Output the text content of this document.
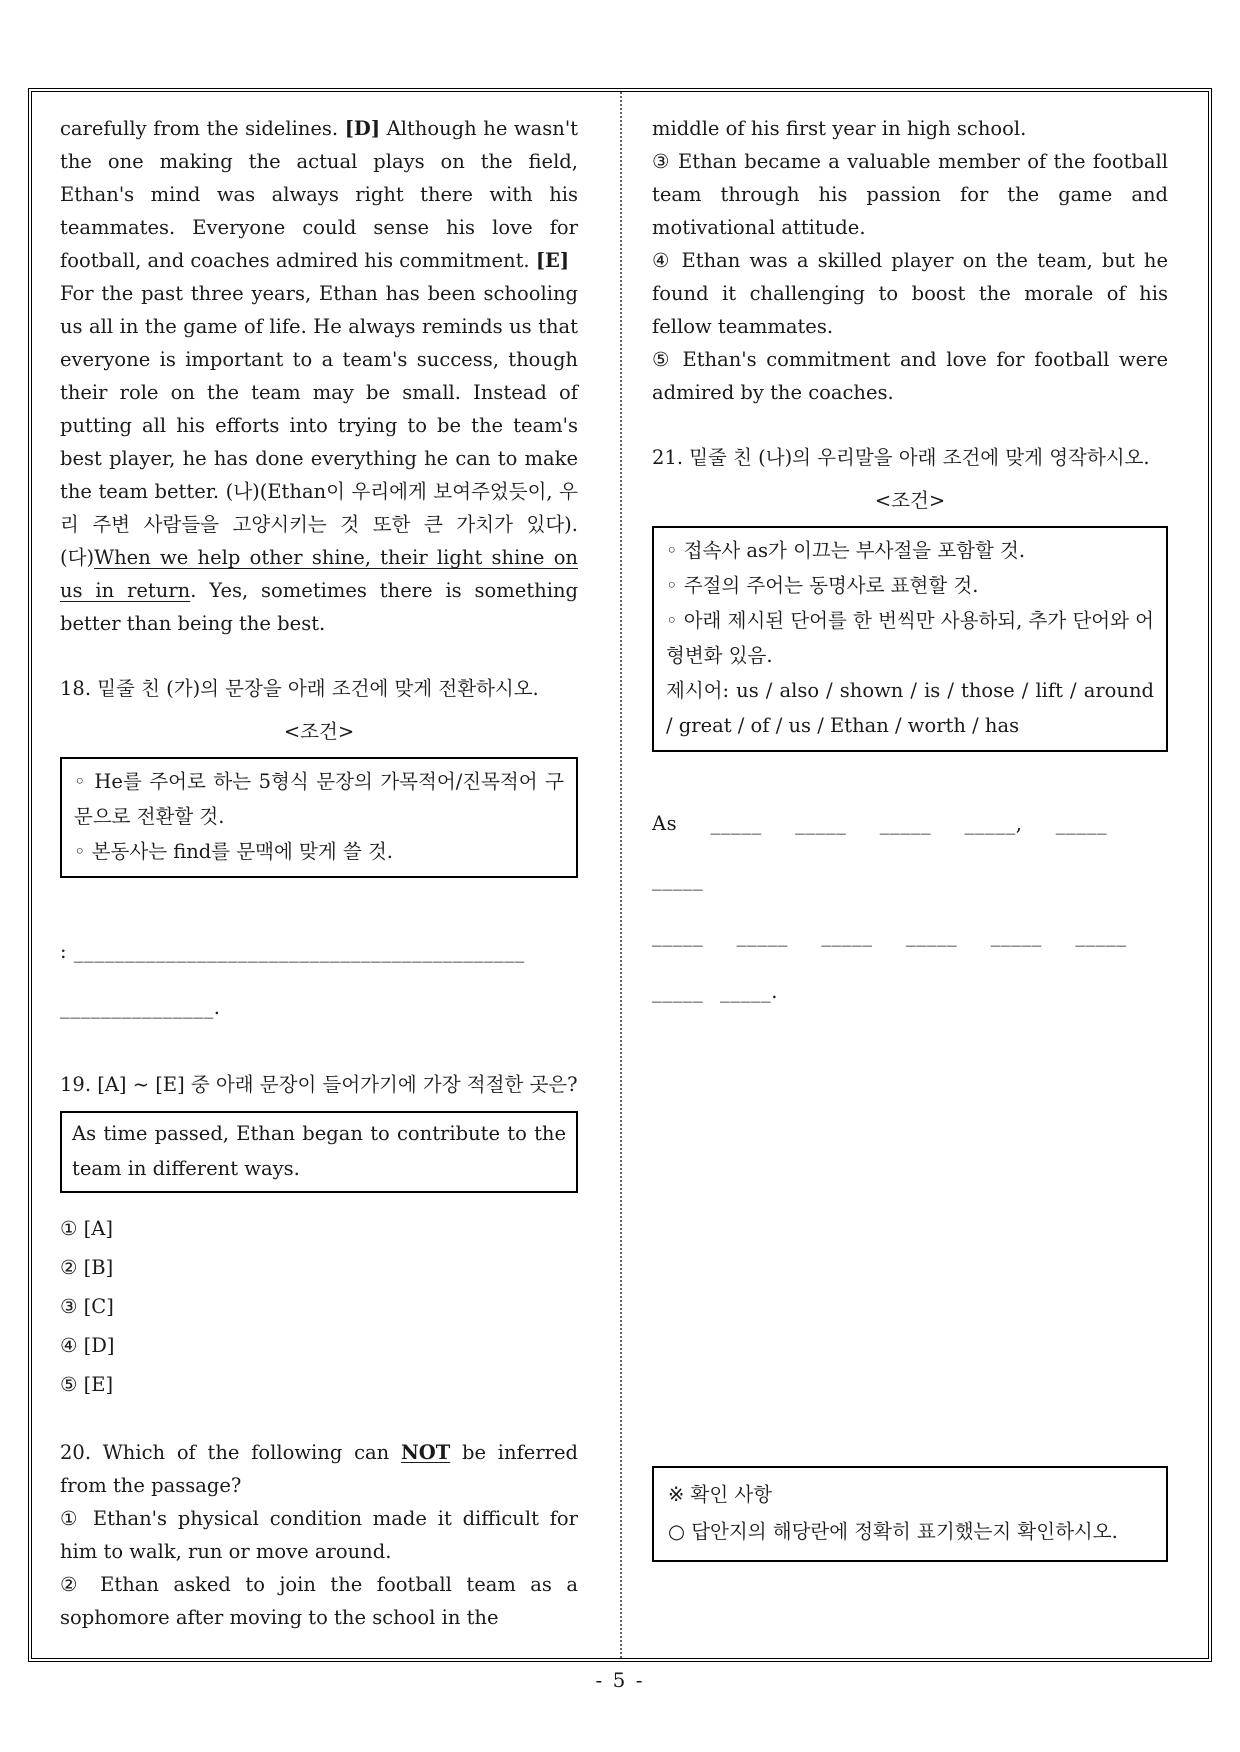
carefully from the sidelines. [D] Although he wasn't the one making the actual plays on the field, Ethan's mind was always right there with his teammates. Everyone could sense his love for football, and coaches admired his commitment. [E]
For the past three years, Ethan has been schooling us all in the game of life. He always reminds us that everyone is important to a team's success, though their role on the team may be small. Instead of putting all his efforts into trying to be the team's best player, he has done everything he can to make the team better. (나)(Ethan이 우리에게 보여주었듯이, 우리 주변 사람들을 고양시키는 것 또한 큰 가치가 있다). (다)When we help other shine, their light shine on us in return. Yes, sometimes there is something better than being the best.

18. 밑줄 친 (가)의 문장을 아래 조건에 맞게 전환하시오.

<조건>

◦ He를 주어로 하는 5형식 문장의 가목적어/진목적어 구문으로 전환할 것.
◦ 본동사는 find를 문맥에 맞게 쓸 것.
: ____________________________________________
_______________.

19. [A] ~ [E] 중 아래 문장이 들어가기에 가장 적절한 곳은?

As time passed, Ethan began to contribute to the team in different ways.
① [A]
② [B]
③ [C]
④ [D]
⑤ [E]

20. Which of the following can NOT be inferred from the passage?

① Ethan's physical condition made it difficult for him to walk, run or move around.

② Ethan asked to join the football team as a sophomore after moving to the school in the

middle of his first year in high school.

③ Ethan became a valuable member of the football team through his passion for the game and motivational attitude.

④ Ethan was a skilled player on the team, but he found it challenging to boost the morale of his fellow teammates.

⑤ Ethan's commitment and love for football were admired by the coaches.

21. 밑줄 친 (나)의 우리말을 아래 조건에 맞게 영작하시오.

<조건>

◦ 접속사 as가 이끄는 부사절을 포함할 것.
◦ 주절의 주어는 동명사로 표현할 것.
◦ 아래 제시된 단어를 한 번씩만 사용하되, 추가 단어와 어형변화 있음.
제시어: us / also / shown / is / those / lift / around / great / of / us / Ethan / worth / has
As _____  _____  _____  _____,  _____  _____
_____  _____  _____  _____  _____  _____
_____ _____.
※ 확인 사항
○ 답안지의 해당란에 정확히 표기했는지 확인하시오.
- 5 -
